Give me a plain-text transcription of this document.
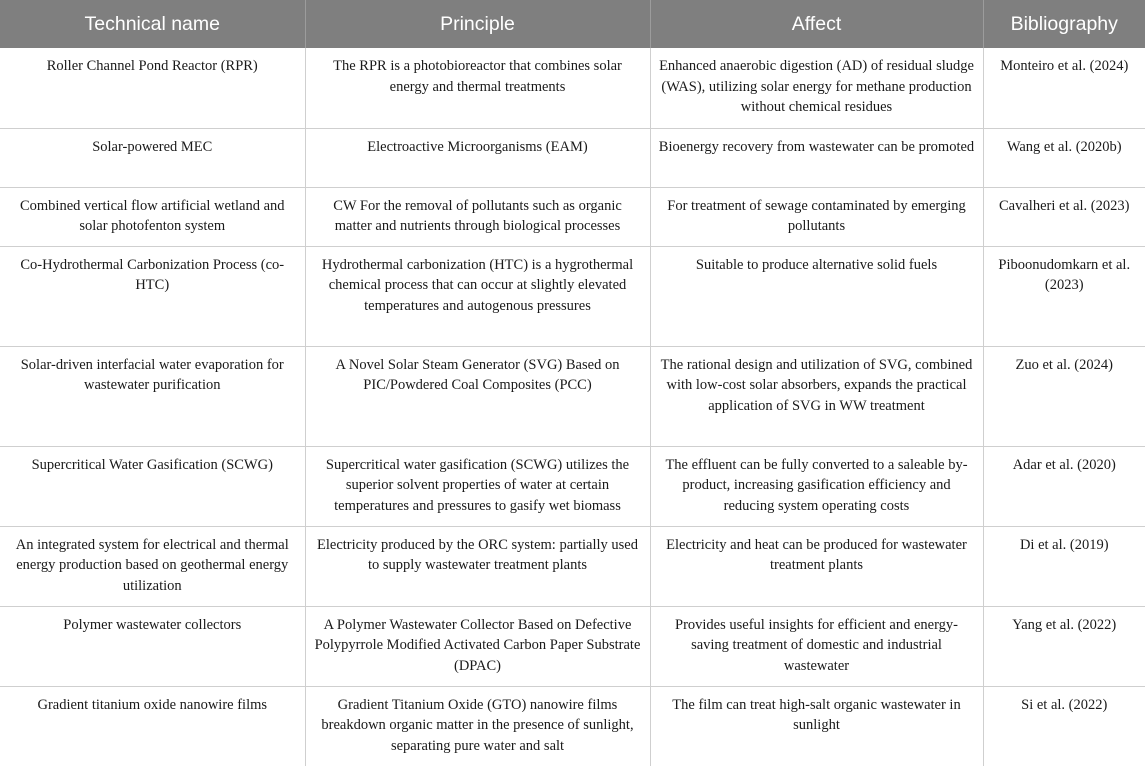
Technical name	Principle	Affect	Bibliography
Roller Channel Pond Reactor (RPR)	The RPR is a photobioreactor that combines solar energy and thermal treatments	Enhanced anaerobic digestion (AD) of residual sludge (WAS), utilizing solar energy for methane production without chemical residues	Monteiro et al. (2024)
Solar-powered MEC	Electroactive Microorganisms (EAM)	Bioenergy recovery from wastewater can be promoted	Wang et al. (2020b)
Combined vertical flow artificial wetland and solar photofenton system	CW For the removal of pollutants such as organic matter and nutrients through biological processes	For treatment of sewage contaminated by emerging pollutants	Cavalheri et al. (2023)
Co-Hydrothermal Carbonization Process (co-HTC)	Hydrothermal carbonization (HTC) is a hygrothermal chemical process that can occur at slightly elevated temperatures and autogenous pressures	Suitable to produce alternative solid fuels	Piboonudomkarn et al. (2023)
Solar-driven interfacial water evaporation for wastewater purification	A Novel Solar Steam Generator (SVG) Based on PIC/Powdered Coal Composites (PCC)	The rational design and utilization of SVG, combined with low-cost solar absorbers, expands the practical application of SVG in WW treatment	Zuo et al. (2024)
Supercritical Water Gasification (SCWG)	Supercritical water gasification (SCWG) utilizes the superior solvent properties of water at certain temperatures and pressures to gasify wet biomass	The effluent can be fully converted to a saleable by-product, increasing gasification efficiency and reducing system operating costs	Adar et al. (2020)
An integrated system for electrical and thermal energy production based on geothermal energy utilization	Electricity produced by the ORC system: partially used to supply wastewater treatment plants	Electricity and heat can be produced for wastewater treatment plants	Di et al. (2019)
Polymer wastewater collectors	A Polymer Wastewater Collector Based on Defective Polypyrrole Modified Activated Carbon Paper Substrate (DPAC)	Provides useful insights for efficient and energy-saving treatment of domestic and industrial wastewater	Yang et al. (2022)
Gradient titanium oxide nanowire films	Gradient Titanium Oxide (GTO) nanowire films breakdown organic matter in the presence of sunlight, separating pure water and salt	The film can treat high-salt organic wastewater in sunlight	Si et al. (2022)
